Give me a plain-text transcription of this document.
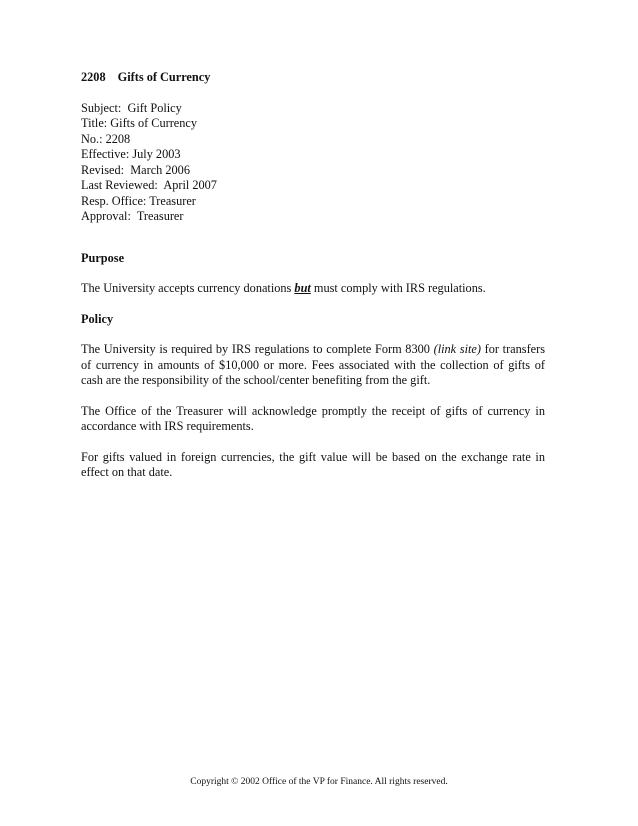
2208 Gifts of Currency
Subject: Gift Policy
Title: Gifts of Currency
No.: 2208
Effective: July 2003
Revised: March 2006
Last Reviewed: April 2007
Resp. Office: Treasurer
Approval: Treasurer
Purpose

The University accepts currency donations but must comply with IRS regulations.

Policy

The University is required by IRS regulations to complete Form 8300 (link site) for transfers of currency in amounts of $10,000 or more. Fees associated with the collection of gifts of cash are the responsibility of the school/center benefiting from the gift.

The Office of the Treasurer will acknowledge promptly the receipt of gifts of currency in accordance with IRS requirements.

For gifts valued in foreign currencies, the gift value will be based on the exchange rate in effect on that date.

Copyright © 2002 Office of the VP for Finance. All rights reserved.
